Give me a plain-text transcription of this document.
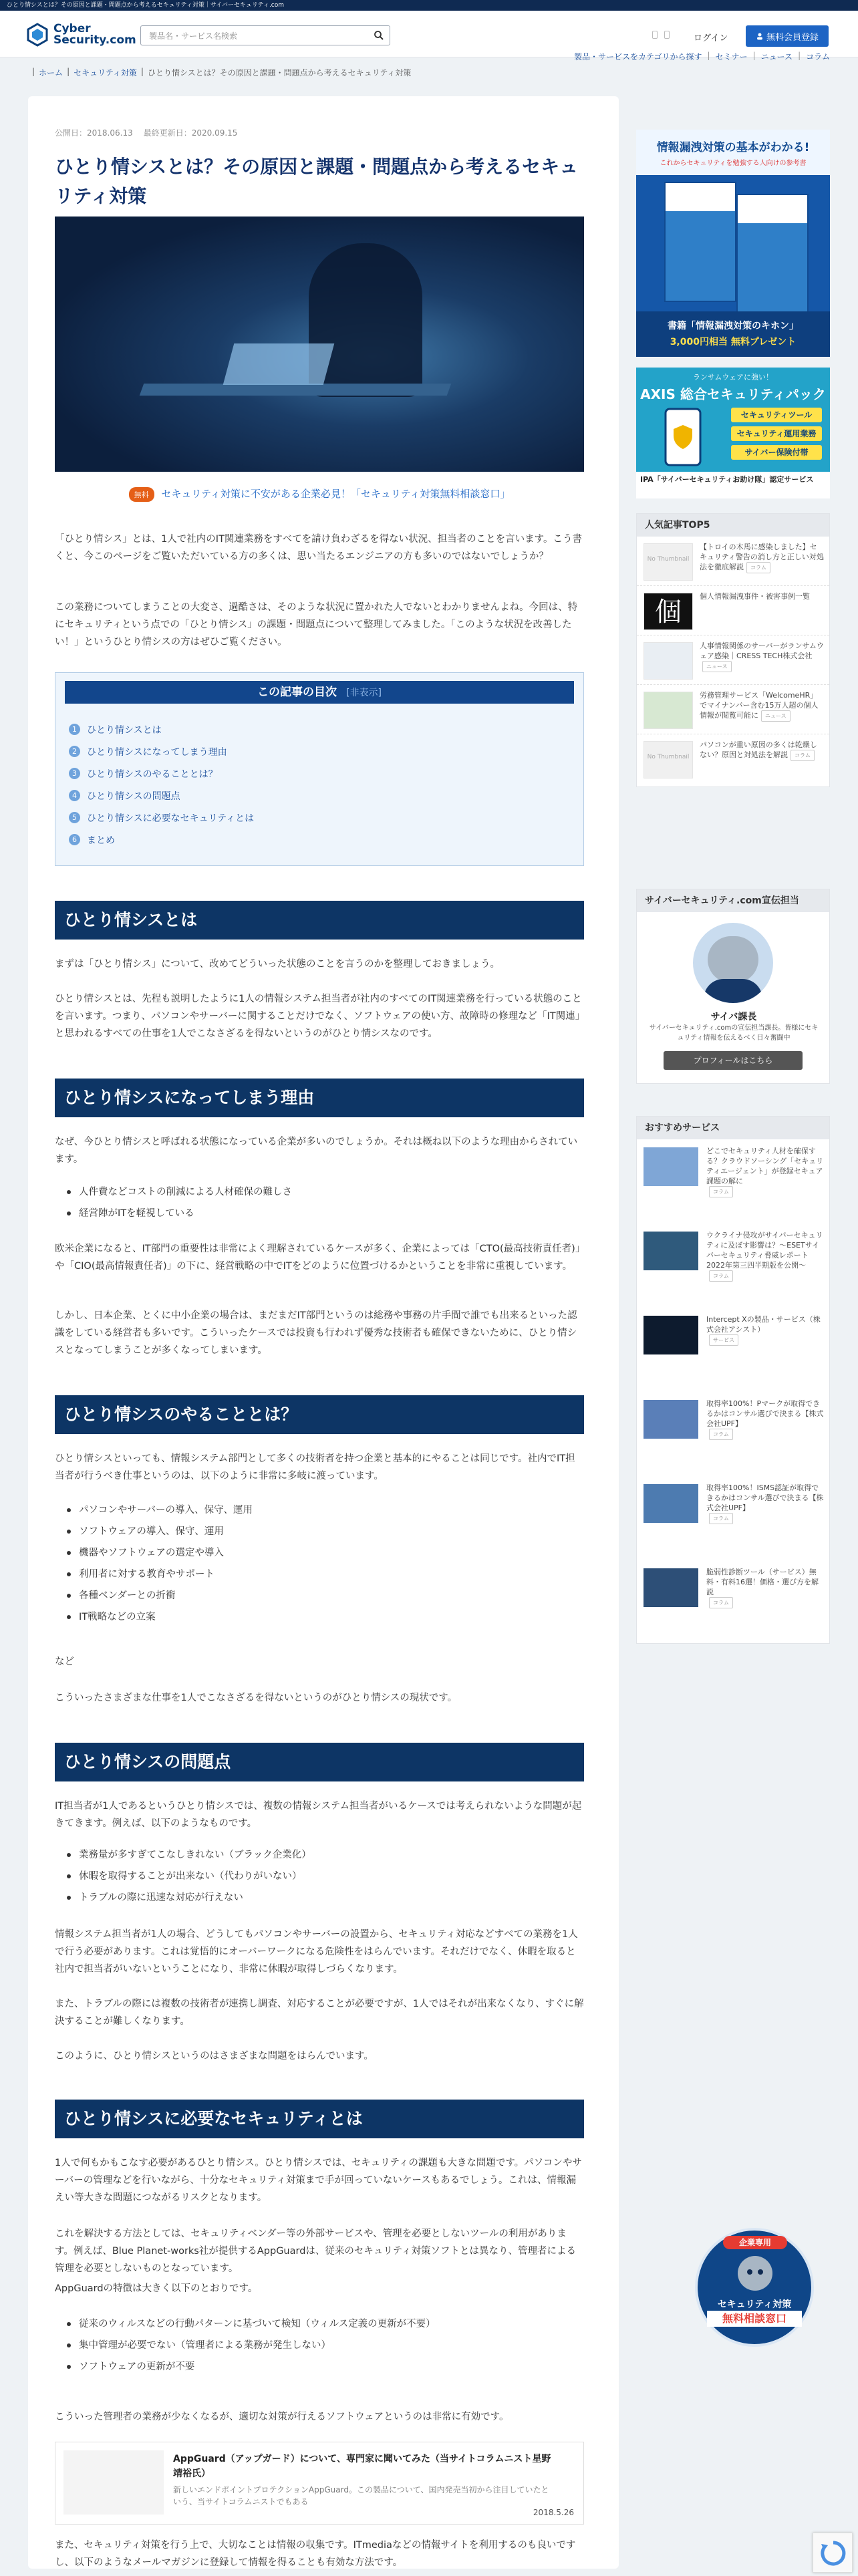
ひとり情シスとは？その原因と課題・問題点から考えるセキュリティ対策｜サイバーセキュリティ.com
Cyber
Security.com 製品名・サービス名検索	ログイン	無料会員登録
製品・サービスをカテゴリから探す | セミナー | ニュース | コラム
| ホーム | セキュリティ対策 | ひとり情シスとは？その原因と課題・問題点から考えるセキュリティ対策
公開日：2018.06.13 最終更新日：2020.09.15
ひとり情シスとは？その原因と課題・問題点から考えるセキュリティ対策
無料 セキュリティ対策に不安がある企業必見！「セキュリティ対策無料相談窓口」

「ひとり情シス」とは、1人で社内のIT関連業務をすべてを請け負わざるを得ない状況、担当者のことを言います。こう書くと、今このページをご覧いただいている方の多くは、思い当たるエンジニアの方も多いのではないでしょうか？

この業務についてしまうことの大変さ、過酷さは、そのような状況に置かれた人でないとわかりませんよね。今回は、特にセキュリティという点での「ひとり情シス」の課題・問題点について整理してみました。「このような状況を改善したい！」というひとり情シスの方はぜひご覧ください。

この記事の目次 [非表示]
1	ひとり情シスとは
2	ひとり情シスになってしまう理由
3	ひとり情シスのやることとは？
4	ひとり情シスの問題点
5	ひとり情シスに必要なセキュリティとは
6	まとめ
ひとり情シスとは

まずは「ひとり情シス」について、改めてどういった状態のことを言うのかを整理しておきましょう。

ひとり情シスとは、先程も説明したように1人の情報システム担当者が社内のすべてのIT関連業務を行っている状態のことを言います。つまり、パソコンやサーバーに関することだけでなく、ソフトウェアの使い方、故障時の修理など「IT関連」と思われるすべての仕事を1人でこなさざるを得ないというのがひとり情シスなのです。

ひとり情シスになってしまう理由

なぜ、今ひとり情シスと呼ばれる状態になっている企業が多いのでしょうか。それは概ね以下のような理由からされています。

人件費などコストの削減による人材確保の難しさ
経営陣がITを軽視している

欧米企業になると、IT部門の重要性は非常によく理解されているケースが多く、企業によっては「CTO(最高技術責任者)」や「CIO(最高情報責任者)」の下に、経営戦略の中でITをどのように位置づけるかということを非常に重視しています。

しかし、日本企業、とくに中小企業の場合は、まだまだIT部門というのは総務や事務の片手間で誰でも出来るといった認識をしている経営者も多いです。こういったケースでは投資も行われず優秀な技術者も確保できないために、ひとり情シスとなってしまうことが多くなってしまいます。

ひとり情シスのやることとは？

ひとり情シスといっても、情報システム部門として多くの技術者を持つ企業と基本的にやることは同じです。社内でIT担当者が行うべき仕事というのは、以下のように非常に多岐に渡っています。

パソコンやサーバーの導入、保守、運用
ソフトウェアの導入、保守、運用
機器やソフトウェアの選定や導入
利用者に対する教育やサポート
各種ベンダーとの折衝
IT戦略などの立案

など

こういったさまざまな仕事を1人でこなさざるを得ないというのがひとり情シスの現状です。

ひとり情シスの問題点

IT担当者が1人であるというひとり情シスでは、複数の情報システム担当者がいるケースでは考えられないような問題が起きてきます。例えば、以下のようなものです。

業務量が多すぎてこなしきれない（ブラック企業化）
休暇を取得することが出来ない（代わりがいない）
トラブルの際に迅速な対応が行えない

情報システム担当者が1人の場合、どうしてもパソコンやサーバーの設置から、セキュリティ対応などすべての業務を1人で行う必要があります。これは覚悟的にオーバーワークになる危険性をはらんでいます。それだけでなく、休暇を取ると社内で担当者がいないということになり、非常に休暇が取得しづらくなります。

また、トラブルの際には複数の技術者が連携し調査、対応することが必要ですが、1人ではそれが出来なくなり、すぐに解決することが難しくなります。

このように、ひとり情シスというのはさまざまな問題をはらんでいます。

ひとり情シスに必要なセキュリティとは

1人で何もかもこなす必要があるひとり情シス。ひとり情シスでは、セキュリティの課題も大きな問題です。パソコンやサーバーの管理などを行いながら、十分なセキュリティ対策まで手が回っていないケースもあるでしょう。これは、情報漏えい等大きな問題につながるリスクとなります。

これを解決する方法としては、セキュリティベンダー等の外部サービスや、管理を必要としないツールの利用があります。例えば、Blue Planet-works社が提供するAppGuardは、従来のセキュリティ対策ソフトとは異なり、管理者による管理を必要としないものとなっています。

AppGuardの特徴は大きく以下のとおりです。

従来のウィルスなどの行動パターンに基づいて検知（ウィルス定義の更新が不要）
集中管理が必要でない（管理者による業務が発生しない）
ソフトウェアの更新が不要

こういった管理者の業務が少なくなるが、適切な対策が行えるソフトウェアというのは非常に有効です。

AppGuard（アップガード）について、専門家に聞いてみた（当サイトコラムニスト星野靖裕氏）
新しいエンドポイントプロテクションAppGuard。この製品について、国内発売当初から注目していたという、当サイトコラムニストでもある
2018.5.26

また、セキュリティ対策を行う上で、大切なことは情報の収集です。ITmediaなどの情報サイトを利用するのも良いですし、以下のようなメールマガジンに登録して情報を得ることも有効な方法です。

情報漏洩対策の基本がわかる!
これからセキュリティを勉強する人向けの参考書
書籍「情報漏洩対策のキホン」
3,000円相当 無料プレゼント
ランサムウェアに強い！
AXIS 総合セキュリティパック
セキュリティツール
セキュリティ運用業務
サイバー保険付帯
IPA「サイバーセキュリティお助け隊」認定サービス
人気記事TOP5
No Thumbnail
【トロイの木馬に感染しました】セキュリティ警告の消し方と正しい対処法を徹底解説 コラム
個
個人情報漏洩事件・被害事例一覧
人事情報関係のサーバーがランサムウェア感染｜CRESS TECH株式会社ニュース
労務管理サービス「WelcomeHR」でマイナンバー含む15万人超の個人情報が閲覧可能に ニュース
No Thumbnail
パソコンが重い原因の多くは乾燥しない？原因と対処法を解説 コラム
サイバーセキュリティ.com宣伝担当
サイバ課長
サイバーセキュリティ.comの宣伝担当課長。皆様にセキュリティ情報を伝えるべく日々奮闘中
プロフィールはこちら
おすすめサービス
どこでセキュリティ人材を確保する？クラウドソーシング「セキュリティエージェント」が登録セキュア課題の解に
コラム
ウクライナ侵攻がサイバーセキュリティに及ぼす影響は？〜ESETサイバーセキュリティ脅威レポート2022年第三四半期版を公開〜
コラム
Intercept Xの製品・サービス（株式会社アシスト）
サービス
取得率100%！Pマークが取得できるかはコンサル選びで決まる【株式会社UPF】
コラム
取得率100%！ISMS認証が取得できるかはコンサル選びで決まる【株式会社UPF】
コラム
脆弱性診断ツール（サービス）無料・有料16選！価格・選び方を解説
コラム
企業専用
セキュリティ対策
無料相談窓口
